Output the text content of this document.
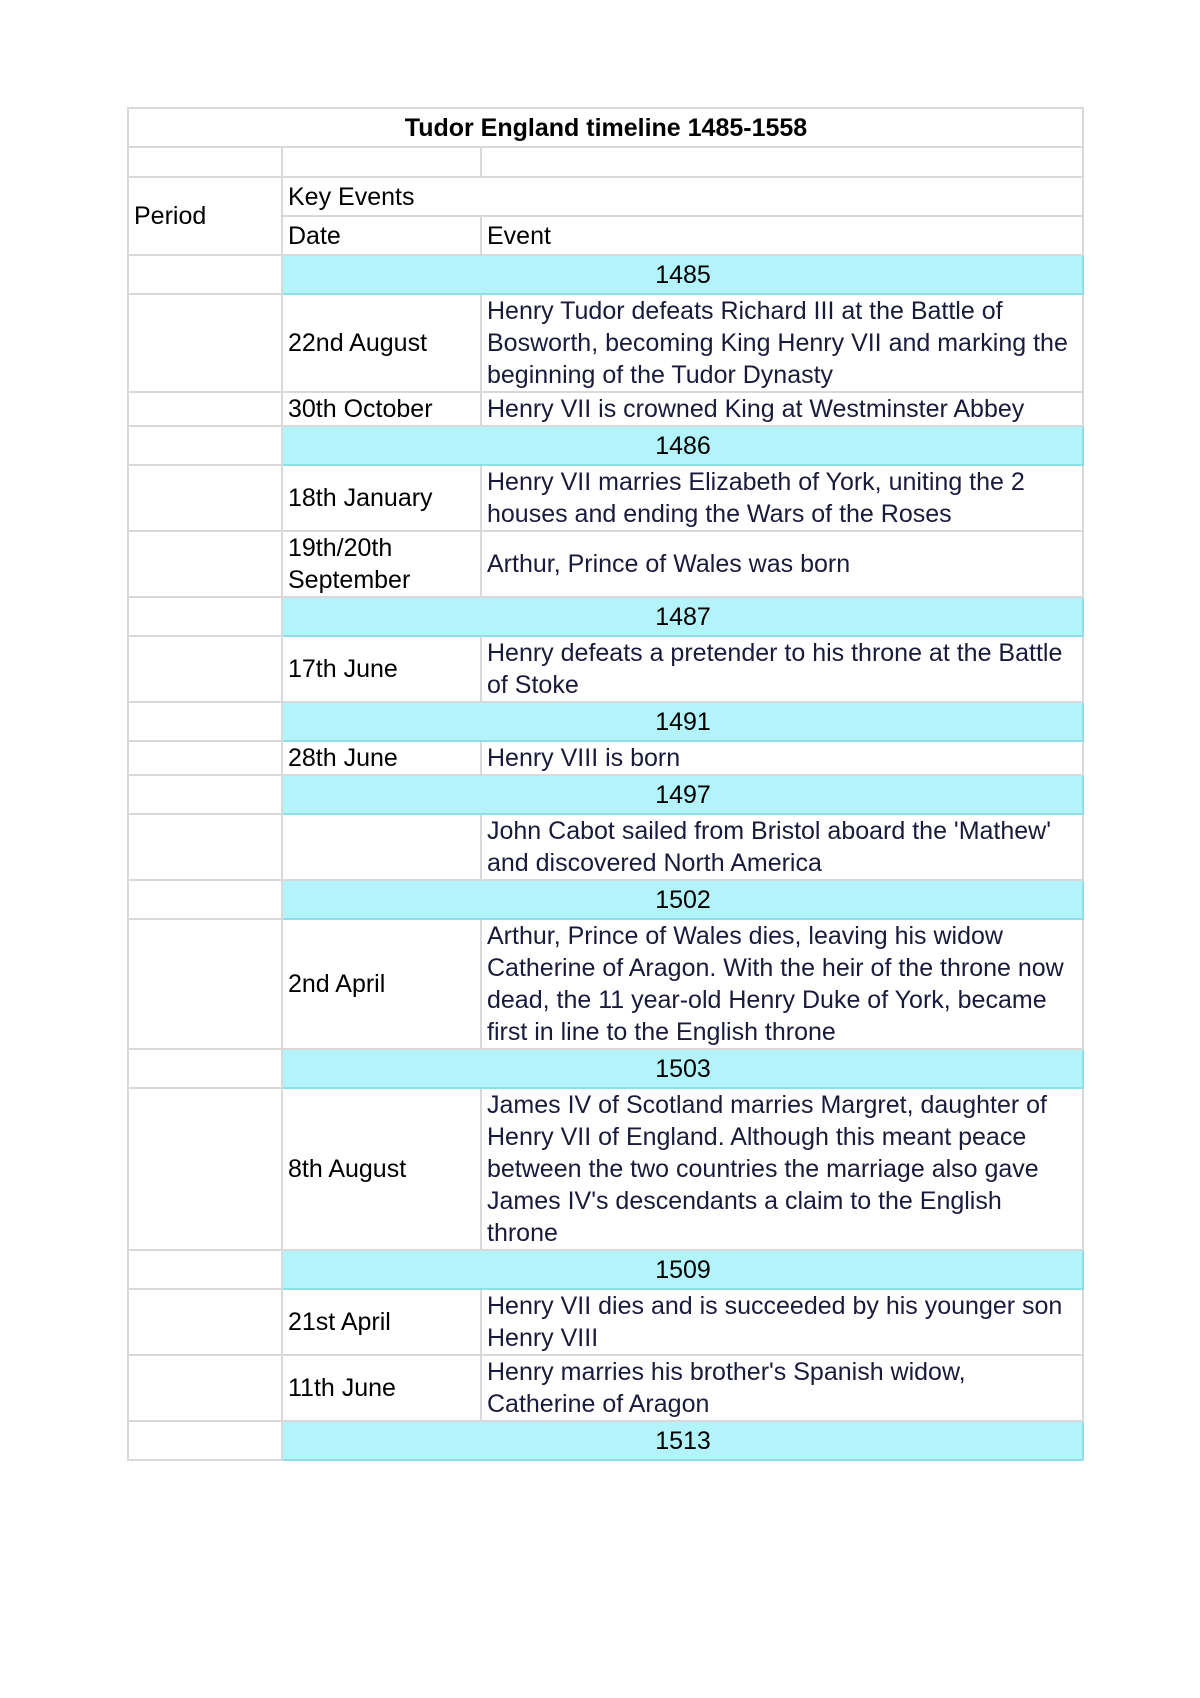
Tudor England timeline 1485-1558		

Period	Key Events	
	Date	Event
	1485	
	22nd August	Henry Tudor defeats Richard III at the Battle of Bosworth, becoming King Henry VII and marking the beginning of the Tudor Dynasty
	30th October	Henry VII is crowned King at Westminster Abbey
	1486	
	18th January	Henry VII marries Elizabeth of York, uniting the 2 houses and ending the Wars of the Roses
	19th/20th September	Arthur, Prince of Wales was born
	1487	
	17th June	Henry defeats a pretender to his throne at the Battle of Stoke
	1491	
	28th June	Henry VIII is born
	1497	
		John Cabot sailed from Bristol aboard the 'Mathew' and discovered North America
	1502	
	2nd April	Arthur, Prince of Wales dies, leaving his widow Catherine of Aragon. With the heir of the throne now dead, the 11 year-old Henry Duke of York, became first in line to the English throne
	1503	
	8th August	James IV of Scotland marries Margret, daughter of Henry VII of England. Although this meant peace between the two countries the marriage also gave James IV's descendants a claim to the English throne
	1509	
	21st April	Henry VII dies and is succeeded by his younger son Henry VIII
	11th June	Henry marries his brother's Spanish widow, Catherine of Aragon
	1513	
